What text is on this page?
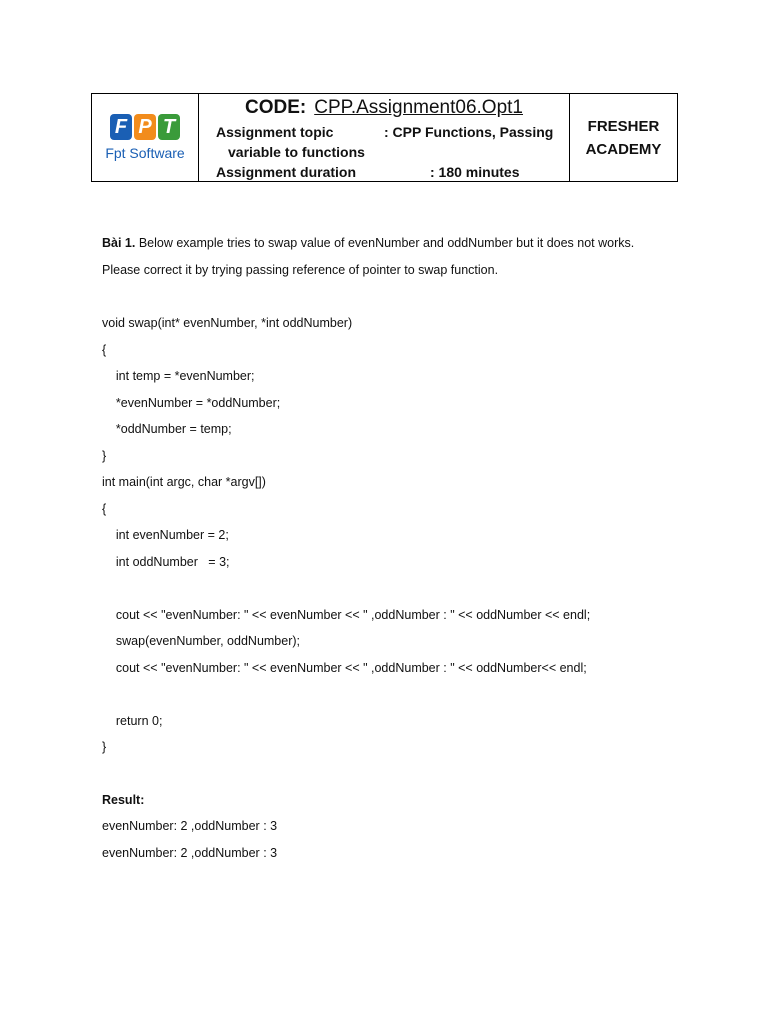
F P T
Fpt Software
CODE: CPP.Assignment06.Opt1
Assignment topic	: CPP Functions, Passing
variable to functions
Assignment duration	: 180 minutes
FRESHER
ACADEMY
Bài 1. Below example tries to swap value of evenNumber and oddNumber but it does not works.
Please correct it by trying passing reference of pointer to swap function.
void swap(int* evenNumber, *int oddNumber)
{
int temp = *evenNumber;
*evenNumber = *oddNumber;
*oddNumber = temp;
}
int main(int argc, char *argv[])
{
int evenNumber = 2;
int oddNumber   = 3;
cout << "evenNumber: " << evenNumber << " ,oddNumber : " << oddNumber << endl;
swap(evenNumber, oddNumber);
cout << "evenNumber: " << evenNumber << " ,oddNumber : " << oddNumber<< endl;
return 0;
}
Result:
evenNumber: 2 ,oddNumber : 3
evenNumber: 2 ,oddNumber : 3
